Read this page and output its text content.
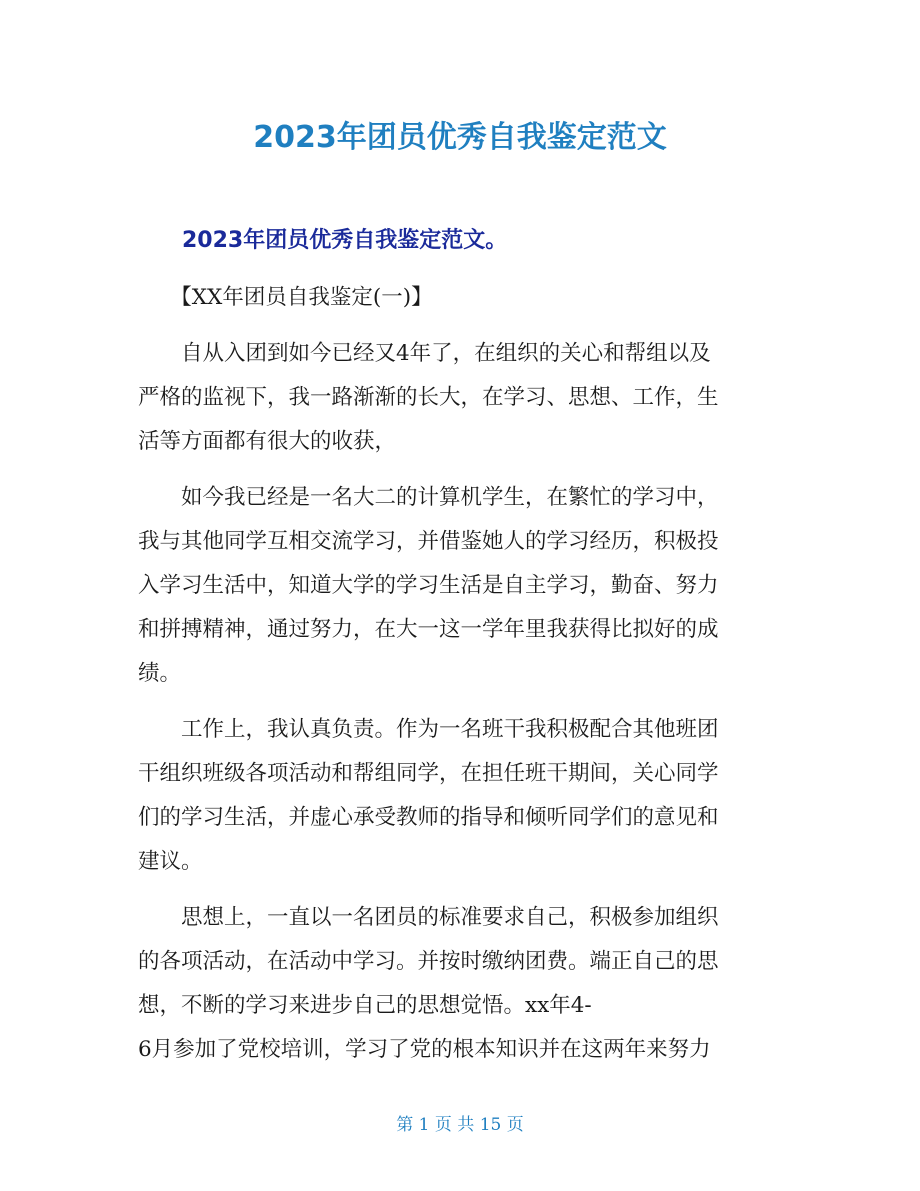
2023年团员优秀自我鉴定范文
2023年团员优秀自我鉴定范文。
　　【XX年团员自我鉴定(一)】
　　自从入团到如今已经又4年了，在组织的关心和帮组以及
严格的监视下，我一路渐渐的长大，在学习、思想、工作，生
活等方面都有很大的收获，
　　如今我已经是一名大二的计算机学生，在繁忙的学习中，
我与其他同学互相交流学习，并借鉴她人的学习经历，积极投
入学习生活中，知道大学的学习生活是自主学习，勤奋、努力
和拼搏精神，通过努力，在大一这一学年里我获得比拟好的成
绩。
　　工作上，我认真负责。作为一名班干我积极配合其他班团
干组织班级各项活动和帮组同学，在担任班干期间，关心同学
们的学习生活，并虚心承受教师的指导和倾听同学们的意见和
建议。
　　思想上，一直以一名团员的标准要求自己，积极参加组织
的各项活动，在活动中学习。并按时缴纳团费。端正自己的思
想，不断的学习来进步自己的思想觉悟。xx年4-
6月参加了党校培训，学习了党的根本知识并在这两年来努力
第 1 页 共 15 页
